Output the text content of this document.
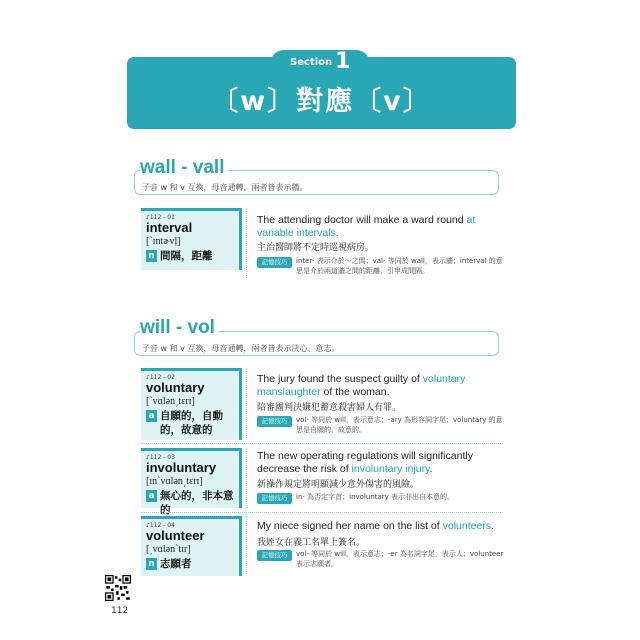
Section 1
〔w〕對應〔v〕
子音 w 和 v 互換，母音通轉，兩者皆表示牆。
wall - vall
♪112 - 01
interval
[ˋɪntɚvḷ]
n 間隔，距離
The attending doctor will make a ward round at variable intervals.
主治醫師將不定時巡視病房。
記憶技巧	inter- 表示介於～之間；val- 等同於 wall，表示牆；interval 的意思是介於兩道牆之間的距離，引申成間隔。
子音 w 和 v 互換，母音通轉，兩者皆表示決心、意志。
will - vol
♪112 - 02
voluntary
[ˋvɑlən͵tɛrɪ]
a 自願的，自動的，故意的
The jury found the suspect guilty of voluntary manslaughter of the woman.
陪審團判決嫌犯蓄意殺害婦人有罪。
記憶技巧	vol- 等同於 will，表示意志；-ary 為形容詞字尾；voluntary 的意思是自願的、故意的。
♪112 - 03
involuntary
[ɪnˋvɑlən͵tɛrɪ]
a 無心的，非本意的
The new operating regulations will significantly decrease the risk of involuntary injury.
新操作規定將明顯減少意外傷害的風險。
記憶技巧	in- 為否定字首；involuntary 表示非出自本意的。
♪112 - 04
volunteer
[͵vɑlənˋtɪr]
n 志願者
My niece signed her name on the list of volunteers.
我姪女在義工名單上簽名。
記憶技巧	vol- 等同於 will，表示意志；-er 為名詞字尾，表示人；volunteer 表示志願者。
112
